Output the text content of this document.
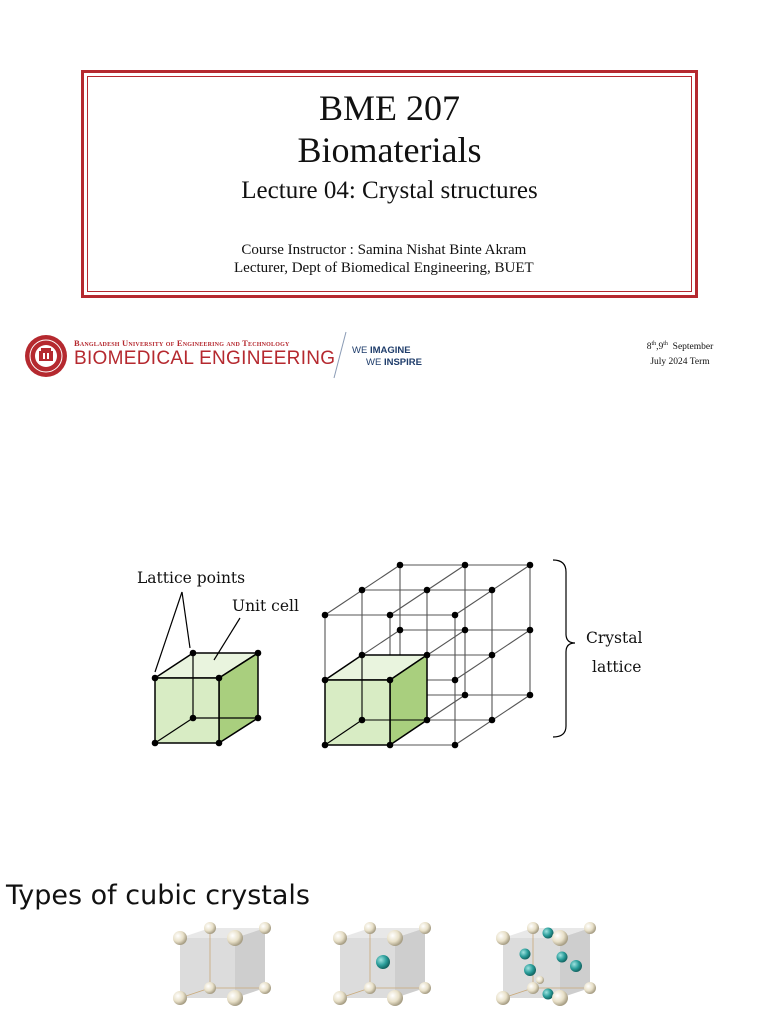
BME 207
Biomaterials
Lecture 04: Crystal structures
Course Instructor : Samina Nishat Binte Akram
Lecturer, Dept of Biomedical Engineering, BUET
Bangladesh University of Engineering and Technology
BIOMEDICAL ENGINEERING WE IMAGINE
WE INSPIRE
8th,9th September
July 2024 Term
Lattice points
Unit cell
Crystal
lattice
Types of cubic crystals
